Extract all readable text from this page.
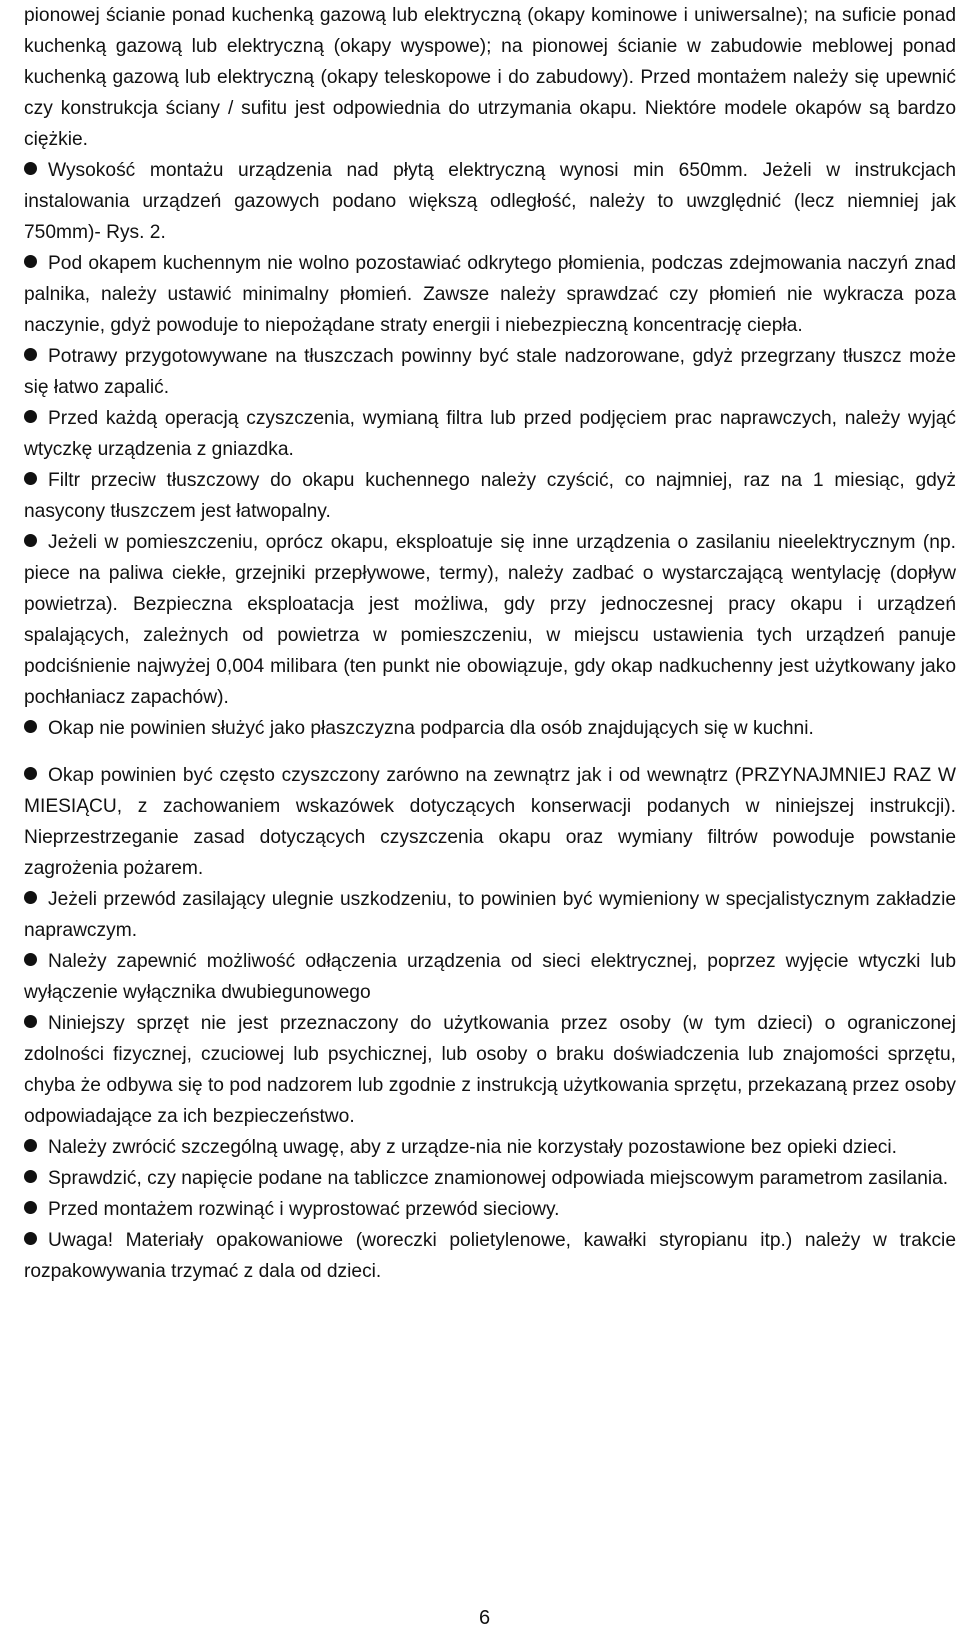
pionowej ścianie ponad kuchenką gazową lub elektryczną (okapy kominowe i uniwersalne); na suficie ponad kuchenką gazową lub elektryczną (okapy wyspowe); na pionowej ścianie w zabudowie meblowej ponad kuchenką gazową lub elektryczną (okapy teleskopowe i do zabudowy). Przed montażem należy się upewnić czy konstrukcja ściany / sufitu jest odpowiednia do utrzymania okapu. Niektóre modele okapów są bardzo ciężkie.

Wysokość montażu urządzenia nad płytą elektryczną wynosi min 650mm. Jeżeli w instrukcjach instalowania urządzeń gazowych podano większą odległość, należy to uwzględnić (lecz niemniej jak 750mm)- Rys. 2.
Pod okapem kuchennym nie wolno pozostawiać odkrytego płomienia, podczas zdejmowania naczyń znad palnika, należy ustawić minimalny płomień. Zawsze należy sprawdzać czy płomień nie wykracza poza naczynie, gdyż powoduje to niepożądane straty energii i niebezpieczną koncentrację ciepła.
Potrawy przygotowywane na tłuszczach powinny być stale nadzorowane, gdyż przegrzany tłuszcz może się łatwo zapalić.
Przed każdą operacją czyszczenia, wymianą filtra lub przed podjęciem prac naprawczych, należy wyjąć wtyczkę urządzenia z gniazdka.
Filtr przeciw tłuszczowy do okapu kuchennego należy czyścić, co najmniej, raz na 1 miesiąc, gdyż nasycony tłuszczem jest łatwopalny.
Jeżeli w pomieszczeniu, oprócz okapu, eksploatuje się inne urządzenia o zasilaniu nieelektrycznym (np. piece na paliwa ciekłe, grzejniki przepływowe, termy), należy zadbać o wystarczającą wentylację (dopływ powietrza). Bezpieczna eksploatacja jest możliwa, gdy przy jednoczesnej pracy okapu i urządzeń spalających, zależnych od powietrza w pomieszczeniu, w miejscu ustawienia tych urządzeń panuje podciśnienie najwyżej 0,004 milibara (ten punkt nie obowiązuje, gdy okap nadkuchenny jest użytkowany jako pochłaniacz zapachów).
Okap nie powinien służyć jako płaszczyzna podparcia dla osób znajdujących się w kuchni.
Okap powinien być często czyszczony zarówno na zewnątrz jak i od wewnątrz (PRZYNAJMNIEJ RAZ W MIESIĄCU, z zachowaniem wskazówek dotyczących konserwacji podanych w niniejszej instrukcji). Nieprzestrzeganie zasad dotyczących czyszczenia okapu oraz wymiany filtrów powoduje powstanie zagrożenia pożarem.
Jeżeli przewód zasilający ulegnie uszkodzeniu, to powinien być wymieniony w specjalistycznym zakładzie naprawczym.
Należy zapewnić możliwość odłączenia urządzenia od sieci elektrycznej, poprzez wyjęcie wtyczki lub wyłączenie wyłącznika dwubiegunowego
Niniejszy sprzęt nie jest przeznaczony do użytkowania przez osoby (w tym dzieci) o ograniczonej zdolności fizycznej, czuciowej lub psychicznej, lub osoby o braku doświadczenia lub znajomości sprzętu, chyba że odbywa się to pod nadzorem lub zgodnie z instrukcją użytkowania sprzętu, przekazaną przez osoby odpowiadające za ich bezpieczeństwo.
Należy zwrócić szczególną uwagę, aby z urządze-nia nie korzystały pozostawione bez opieki dzieci.
Sprawdzić, czy napięcie podane na tabliczce znamionowej odpowiada miejscowym parametrom zasilania.
Przed montażem rozwinąć i wyprostować przewód sieciowy.
Uwaga! Materiały opakowaniowe (woreczki polietylenowe, kawałki styropianu itp.) należy w trakcie rozpakowywania trzymać z dala od dzieci.
6
